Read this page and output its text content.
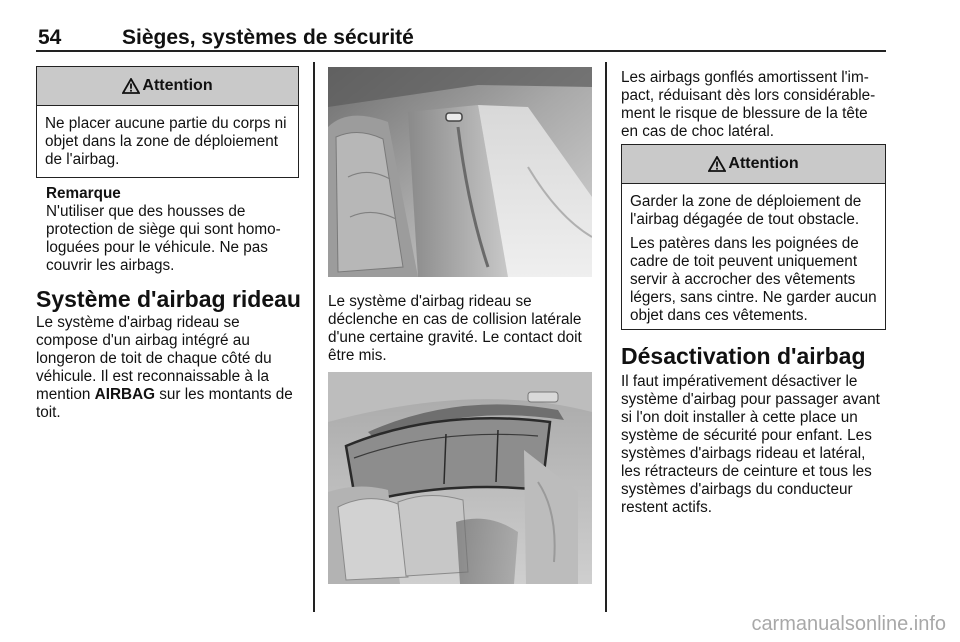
54	Sièges, systèmes de sécurité
Attention

Ne placer aucune partie du corps ni objet dans la zone de déploiement de l'airbag.

Remarque

N'utiliser que des housses de protection de siège qui sont homologuées pour le véhicule. Ne pas couvrir les airbags.

Système d'airbag rideau

Le système d'airbag rideau se compose d'un airbag intégré au longeron de toit de chaque côté du véhicule. Il est reconnaissable à la mention AIRBAG sur les montants de toit.

Le système d'airbag rideau se déclenche en cas de collision latérale d'une certaine gravité. Le contact doit être mis.

Les airbags gonflés amortissent l'impact, réduisant dès lors considérablement le risque de blessure de la tête en cas de choc latéral.

Attention

Garder la zone de déploiement de l'airbag dégagée de tout obstacle.

Les patères dans les poignées de cadre de toit peuvent uniquement servir à accrocher des vêtements légers, sans cintre. Ne garder aucun objet dans ces vêtements.

Désactivation d'airbag

Il faut impérativement désactiver le système d'airbag pour passager avant si l'on doit installer à cette place un système de sécurité pour enfant. Les systèmes d'airbags rideau et latéral, les rétracteurs de ceinture et tous les systèmes d'airbags du conducteur restent actifs.

carmanualsonline.info
